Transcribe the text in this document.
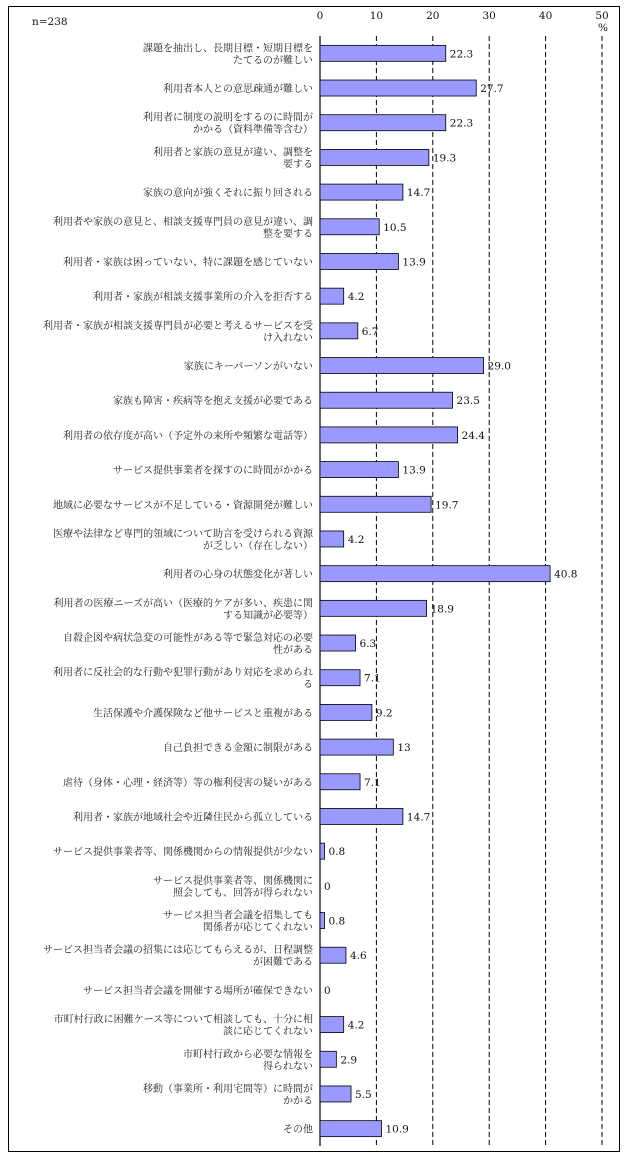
n=238	%
0	10	20	30	40	50
課題を抽出し、長期目標・短期目標をたてるのが難しい
利用者本人との意思疎通が難しい
利用者に制度の説明をするのに時間がかかる（資料準備等含む）
利用者と家族の意見が違い、調整を要する
家族の意向が強くそれに振り回される
利用者や家族の意見と、相談支援専門員の意見が違い、調整を要する
利用者・家族は困っていない、特に課題を感じていない
利用者・家族が相談支援事業所の介入を拒否する
利用者・家族が相談支援専門員が必要と考えるサービスを受け入れない
家族にキーパーソンがいない
家族も障害・疾病等を抱え支援が必要である
利用者の依存度が高い（予定外の来所や頻繁な電話等）
サービス提供事業者を探すのに時間がかかる
地域に必要なサービスが不足している・資源開発が難しい
医療や法律など専門的領域について助言を受けられる資源が乏しい（存在しない）
利用者の心身の状態変化が著しい
利用者の医療ニーズが高い（医療的ケアが多い、疾患に関する知識が必要等）
自殺企図や病状急変の可能性がある等で緊急対応の必要性がある
利用者に反社会的な行動や犯罪行動があり対応を求められる
生活保護や介護保険など他サービスと重複がある
自己負担できる金額に制限がある
虐待（身体・心理・経済等）等の権利侵害の疑いがある
利用者・家族が地域社会や近隣住民から孤立している
サービス提供事業者等、関係機関からの情報提供が少ない
サービス提供事業者等、関係機関に照会しても、回答が得られない
サービス担当者会議を招集しても関係者が応じてくれない
サービス担当者会議の招集には応じてもらえるが、日程調整が困難である
サービス担当者会議を開催する場所が確保できない
市町村行政に困難ケース等について相談しても、十分に相談に応じてくれない
市町村行政から必要な情報を得られない
移動（事業所・利用宅間等）に時間がかかる
その他
22.3
27.7
22.3
19.3
14.7
10.5
13.9
4.2
6.7
29.0
23.5
24.4
13.9
19.7
4.2
40.8
18.9
6.3
7.1
9.2
13
7.1
14.7
0.8
0
0.8
4.6
0
4.2
2.9
5.5
10.9
